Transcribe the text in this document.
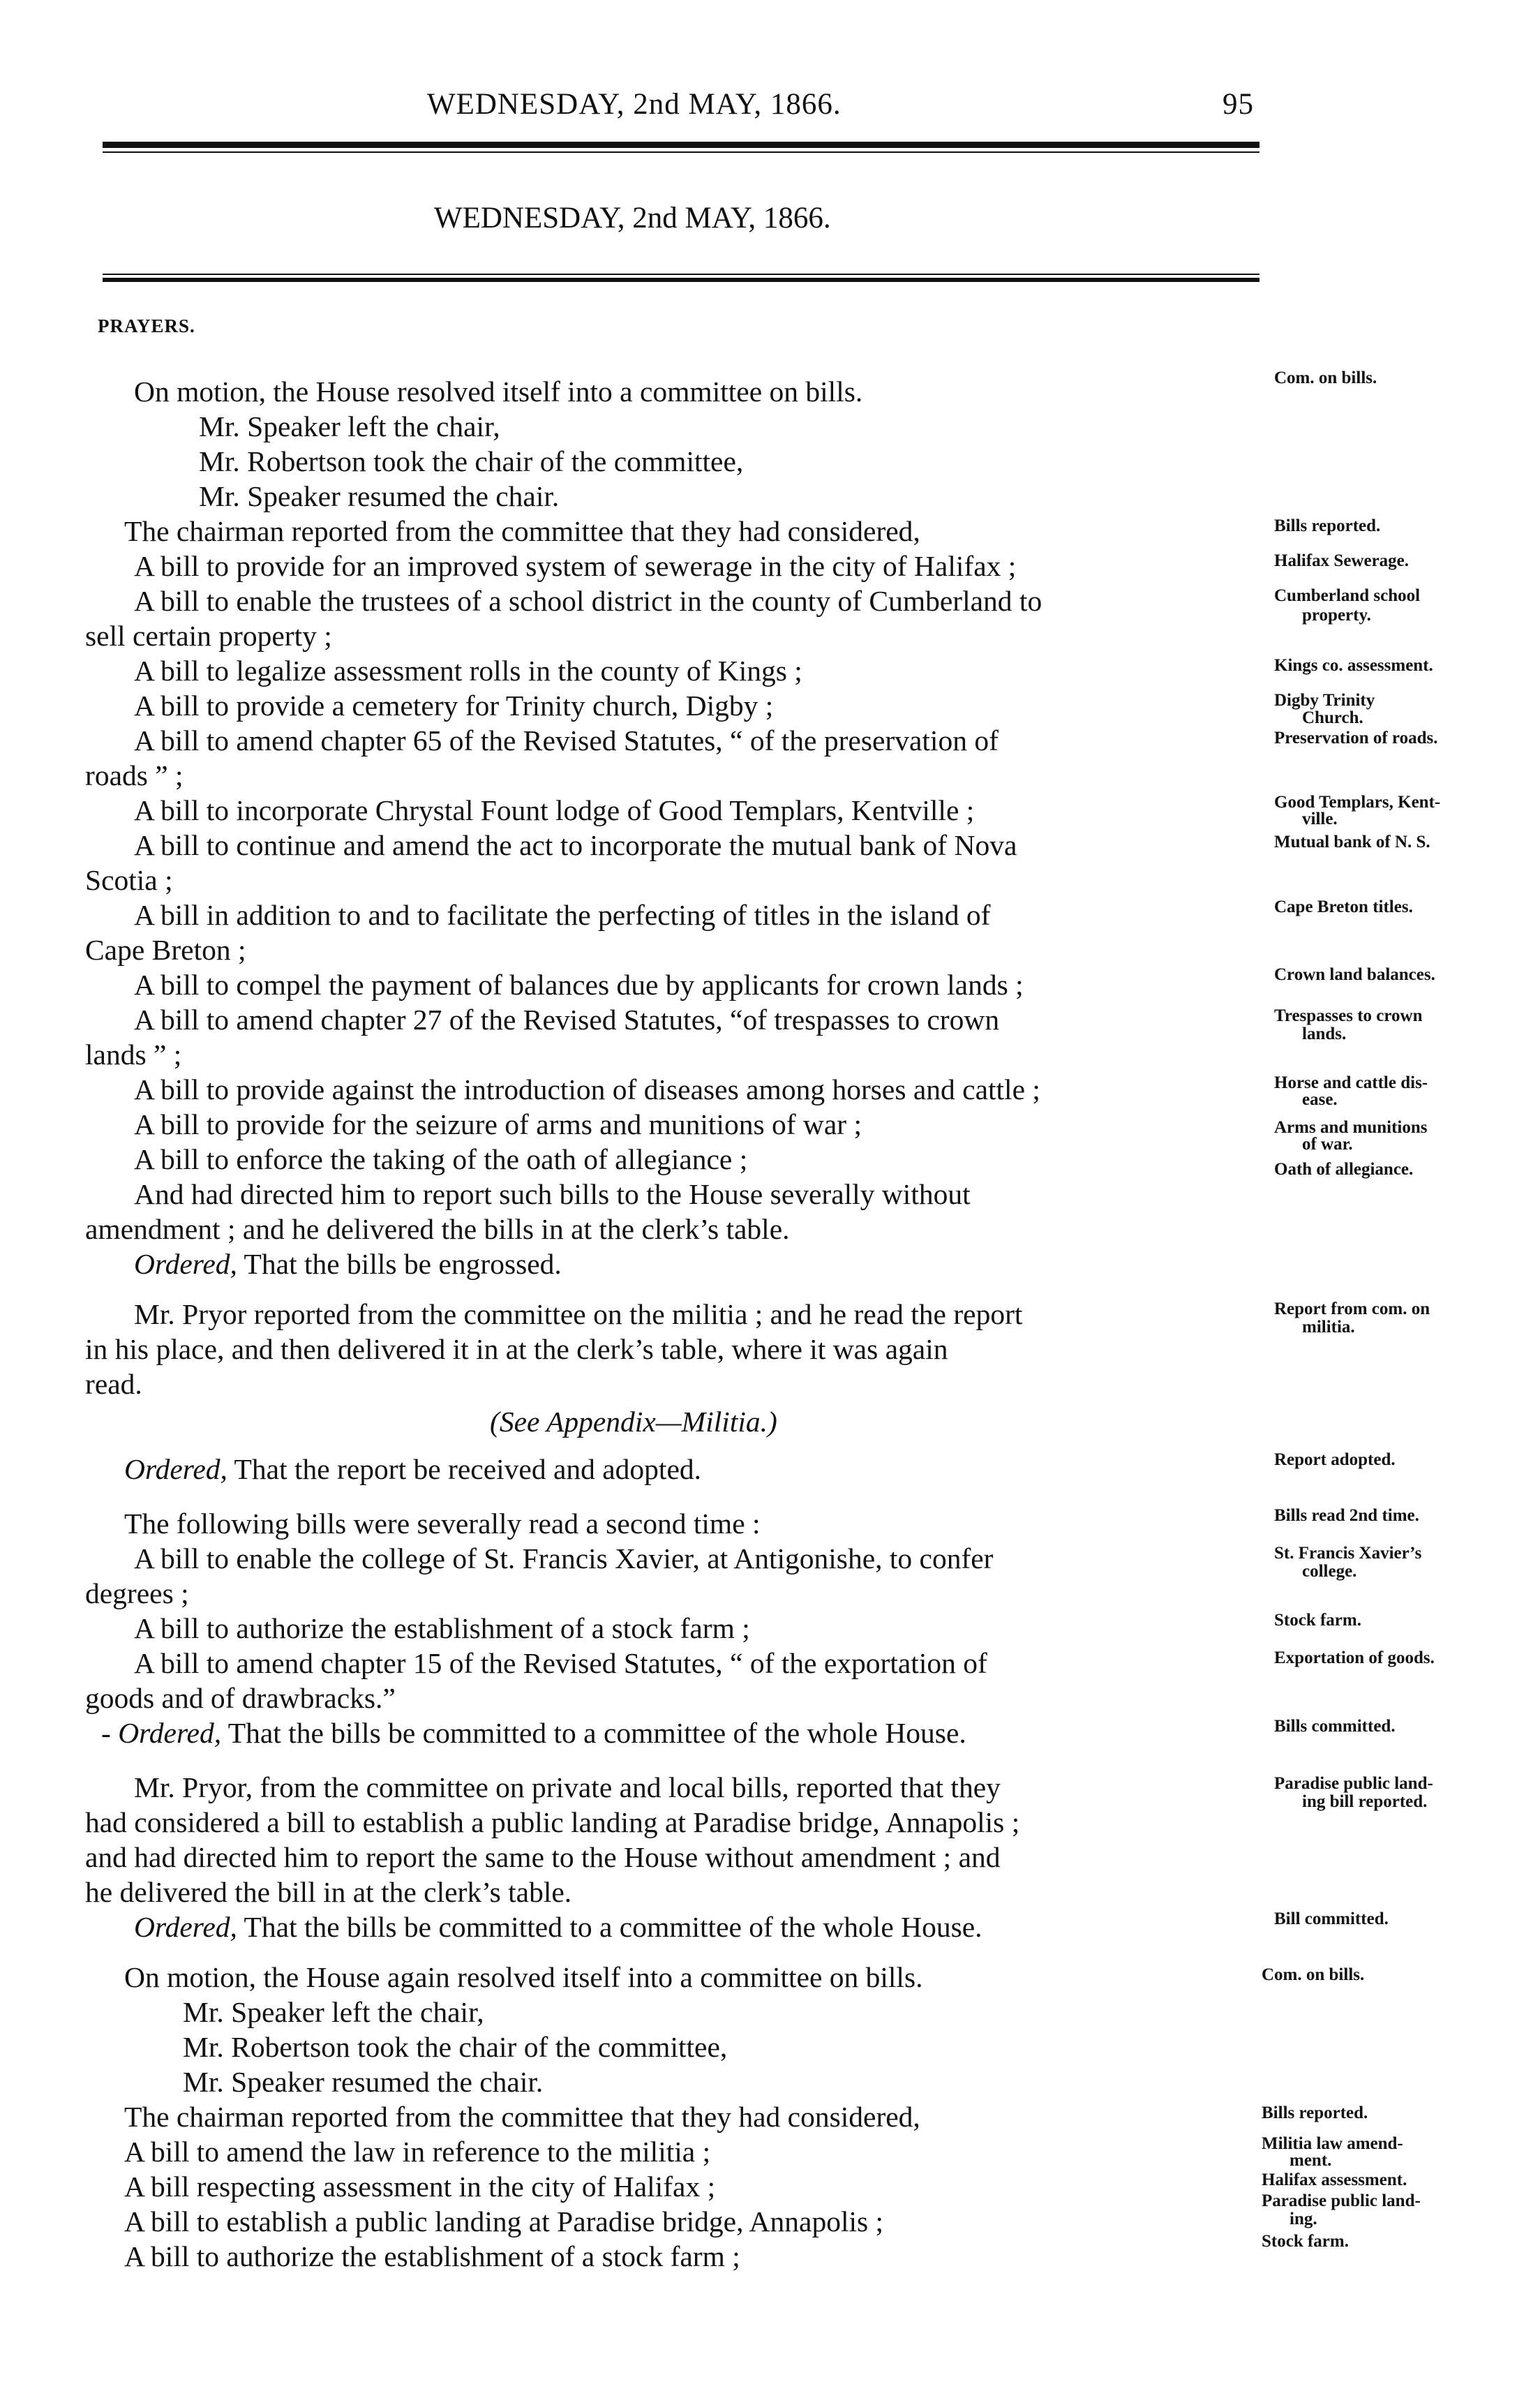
WEDNESDAY, 2nd MAY, 1866.	95
WEDNESDAY, 2nd MAY, 1866.
PRAYERS.
On motion, the House resolved itself into a committee on bills.
Mr. Speaker left the chair,
Mr. Robertson took the chair of the committee,
Mr. Speaker resumed the chair.
The chairman reported from the committee that they had considered,
A bill to provide for an improved system of sewerage in the city of Halifax ;
A bill to enable the trustees of a school district in the county of Cumberland to
sell certain property ;
A bill to legalize assessment rolls in the county of Kings ;
A bill to provide a cemetery for Trinity church, Digby ;
A bill to amend chapter 65 of the Revised Statutes, “ of the preservation of
roads ” ;
A bill to incorporate Chrystal Fount lodge of Good Templars, Kentville ;
A bill to continue and amend the act to incorporate the mutual bank of Nova
Scotia ;
A bill in addition to and to facilitate the perfecting of titles in the island of
Cape Breton ;
A bill to compel the payment of balances due by applicants for crown lands ;
A bill to amend chapter 27 of the Revised Statutes, “of trespasses to crown
lands ” ;
A bill to provide against the introduction of diseases among horses and cattle ;
A bill to provide for the seizure of arms and munitions of war ;
A bill to enforce the taking of the oath of allegiance ;
And had directed him to report such bills to the House severally without
amendment ; and he delivered the bills in at the clerk’s table.
Ordered, That the bills be engrossed.
Mr. Pryor reported from the committee on the militia ; and he read the report
in his place, and then delivered it in at the clerk’s table, where it was again
read.
(See Appendix—Militia.)
Ordered, That the report be received and adopted.
The following bills were severally read a second time :
A bill to enable the college of St. Francis Xavier, at Antigonishe, to confer
degrees ;
A bill to authorize the establishment of a stock farm ;
A bill to amend chapter 15 of the Revised Statutes, “ of the exportation of
goods and of drawbracks.”
- Ordered, That the bills be committed to a committee of the whole House.
Mr. Pryor, from the committee on private and local bills, reported that they
had considered a bill to establish a public landing at Paradise bridge, Annapolis ;
and had directed him to report the same to the House without amendment ; and
he delivered the bill in at the clerk’s table.
Ordered, That the bills be committed to a committee of the whole House.
On motion, the House again resolved itself into a committee on bills.
Mr. Speaker left the chair,
Mr. Robertson took the chair of the committee,
Mr. Speaker resumed the chair.
The chairman reported from the committee that they had considered,
A bill to amend the law in reference to the militia ;
A bill respecting assessment in the city of Halifax ;
A bill to establish a public landing at Paradise bridge, Annapolis ;
A bill to authorize the establishment of a stock farm ;
Com. on bills.
Bills reported.
Halifax Sewerage.
Cumberland school
property.
Kings co. assessment.
Digby Trinity
Church.
Preservation of roads.
Good Templars, Kent-
ville.
Mutual bank of N. S.
Cape Breton titles.
Crown land balances.
Trespasses to crown
lands.
Horse and cattle dis-
ease.
Arms and munitions
of war.
Oath of allegiance.
Report from com. on
militia.
Report adopted.
Bills read 2nd time.
St. Francis Xavier’s
college.
Stock farm.
Exportation of goods.
Bills committed.
Paradise public land-
ing bill reported.
Bill committed.
Com. on bills.
Bills reported.
Militia law amend-
ment.
Halifax assessment.
Paradise public land-
ing.
Stock farm.
